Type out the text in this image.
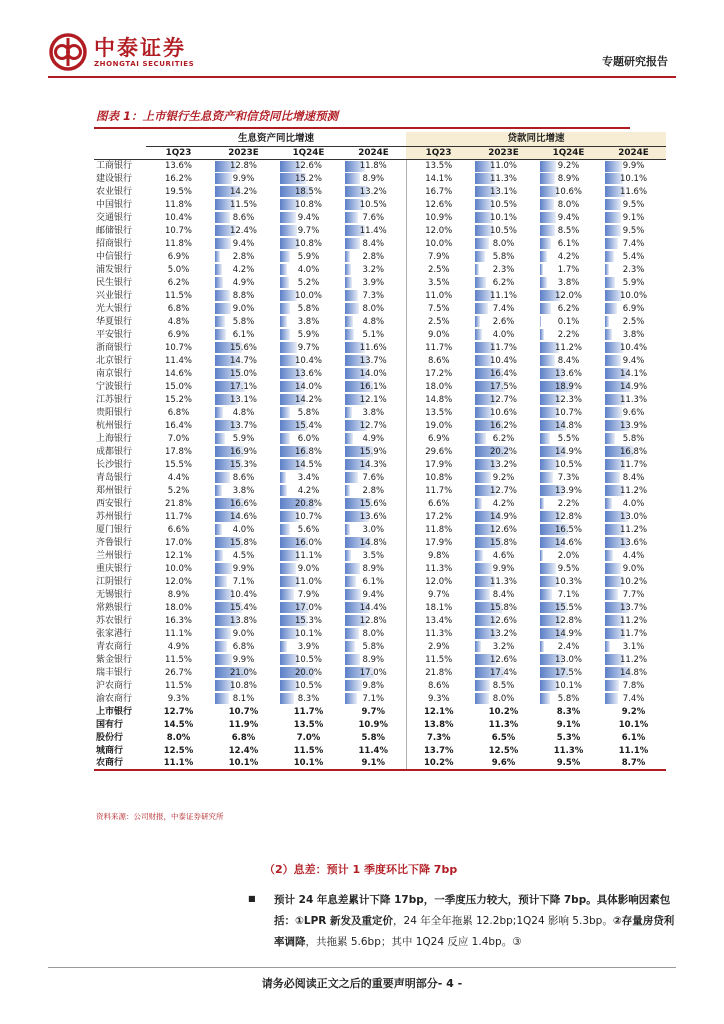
中泰证券
ZHONGTAI SECURITIES	专题研究报告
图表 1：上市银行生息资产和信贷同比增速预测
	生息资产同比增速				贷款同比增速			
	1Q23	2023E	1Q24E	2024E	1Q23	2023E	1Q24E	2024E
工商银行	13.6%	12.8%	12.6%	11.8%	13.5%	11.0%	9.2%	9.9%
建设银行	16.2%	9.9%	15.2%	8.9%	14.1%	11.3%	8.9%	10.1%
农业银行	19.5%	14.2%	18.5%	13.2%	16.7%	13.1%	10.6%	11.6%
中国银行	11.8%	11.5%	10.8%	10.5%	12.6%	10.5%	8.0%	9.5%
交通银行	10.4%	8.6%	9.4%	7.6%	10.9%	10.1%	9.4%	9.1%
邮储银行	10.7%	12.4%	9.7%	11.4%	12.0%	10.5%	8.5%	9.5%
招商银行	11.8%	9.4%	10.8%	8.4%	10.0%	8.0%	6.1%	7.4%
中信银行	6.9%	2.8%	5.9%	2.8%	7.9%	5.8%	4.2%	5.4%
浦发银行	5.0%	4.2%	4.0%	3.2%	2.5%	2.3%	1.7%	2.3%
民生银行	6.2%	4.9%	5.2%	3.9%	3.5%	6.2%	3.8%	5.9%
兴业银行	11.5%	8.8%	10.0%	7.3%	11.0%	11.1%	12.0%	10.0%
光大银行	6.8%	9.0%	5.8%	8.0%	7.5%	7.4%	6.2%	6.9%
华夏银行	4.8%	5.8%	3.8%	4.8%	2.5%	2.6%	0.1%	2.5%
平安银行	6.9%	6.1%	5.9%	5.1%	9.0%	4.0%	2.2%	3.8%
浙商银行	10.7%	15.6%	9.7%	11.6%	11.7%	11.7%	11.2%	10.4%
北京银行	11.4%	14.7%	10.4%	13.7%	8.6%	10.4%	8.4%	9.4%
南京银行	14.6%	15.0%	13.6%	14.0%	17.2%	16.4%	13.6%	14.1%
宁波银行	15.0%	17.1%	14.0%	16.1%	18.0%	17.5%	18.9%	14.9%
江苏银行	15.2%	13.1%	14.2%	12.1%	14.8%	12.7%	12.3%	11.3%
贵阳银行	6.8%	4.8%	5.8%	3.8%	13.5%	10.6%	10.7%	9.6%
杭州银行	16.4%	13.7%	15.4%	12.7%	19.0%	16.2%	14.8%	13.9%
上海银行	7.0%	5.9%	6.0%	4.9%	6.9%	6.2%	5.5%	5.8%
成都银行	17.8%	16.9%	16.8%	15.9%	29.6%	20.2%	14.9%	16.8%
长沙银行	15.5%	15.3%	14.5%	14.3%	17.9%	13.2%	10.5%	11.7%
青岛银行	4.4%	8.6%	3.4%	7.6%	10.8%	9.2%	7.3%	8.4%
郑州银行	5.2%	3.8%	4.2%	2.8%	11.7%	12.7%	13.9%	11.2%
西安银行	21.8%	16.6%	20.8%	15.6%	6.6%	4.2%	2.2%	4.0%
苏州银行	11.7%	14.6%	10.7%	13.6%	17.2%	14.9%	12.8%	13.0%
厦门银行	6.6%	4.0%	5.6%	3.0%	11.8%	12.6%	16.5%	11.2%
齐鲁银行	17.0%	15.8%	16.0%	14.8%	17.9%	15.8%	14.6%	13.6%
兰州银行	12.1%	4.5%	11.1%	3.5%	9.8%	4.6%	2.0%	4.4%
重庆银行	10.0%	9.9%	9.0%	8.9%	11.3%	9.9%	9.5%	9.0%
江阴银行	12.0%	7.1%	11.0%	6.1%	12.0%	11.3%	10.3%	10.2%
无锡银行	8.9%	10.4%	7.9%	9.4%	9.7%	8.4%	7.1%	7.7%
常熟银行	18.0%	15.4%	17.0%	14.4%	18.1%	15.8%	15.5%	13.7%
苏农银行	16.3%	13.8%	15.3%	12.8%	13.4%	12.6%	12.8%	11.2%
张家港行	11.1%	9.0%	10.1%	8.0%	11.3%	13.2%	14.9%	11.7%
青农商行	4.9%	6.8%	3.9%	5.8%	2.9%	3.2%	2.4%	3.1%
紫金银行	11.5%	9.9%	10.5%	8.9%	11.5%	12.6%	13.0%	11.2%
瑞丰银行	26.7%	21.0%	20.0%	17.0%	21.8%	17.4%	17.5%	14.8%
沪农商行	11.5%	10.8%	10.5%	9.8%	8.6%	8.5%	10.1%	7.8%
渝农商行	9.3%	8.1%	8.3%	7.1%	9.3%	8.0%	5.8%	7.4%
上市银行	12.7%	10.7%	11.7%	9.7%	12.1%	10.2%	8.3%	9.2%
国有行	14.5%	11.9%	13.5%	10.9%	13.8%	11.3%	9.1%	10.1%
股份行	8.0%	6.8%	7.0%	5.8%	7.3%	6.5%	5.3%	6.1%
城商行	12.5%	12.4%	11.5%	11.4%	13.7%	12.5%	11.3%	11.1%
农商行	11.1%	10.1%	10.1%	9.1%	10.2%	9.6%	9.5%	8.7%
资料来源：公司财报，中泰证券研究所
（2）息差：预计 1 季度环比下降 7bp
■ 预计 24 年息差累计下降 17bp，一季度压力较大，预计下降 7bp。具体影响因素包括：①LPR 新发及重定价，24 年全年拖累 12.2bp;1Q24 影响 5.3bp。②存量房贷利率调降，共拖累 5.6bp；其中 1Q24 反应 1.4bp。③
请务必阅读正文之后的重要声明部分- 4 -
